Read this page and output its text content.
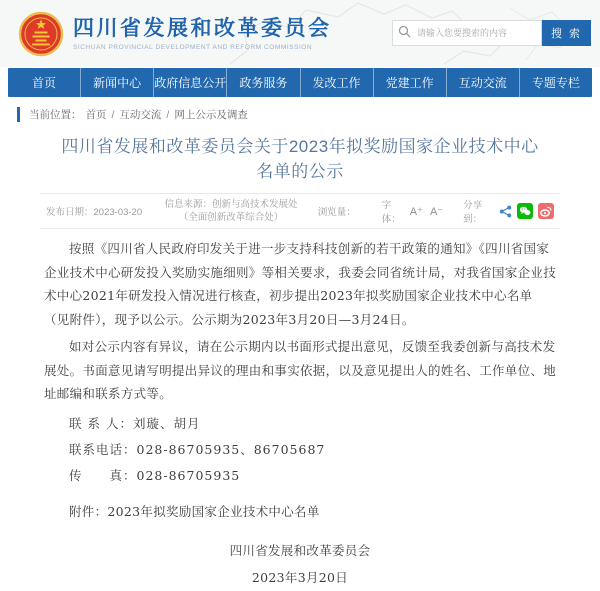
四川省发展和改革委员会
SICHUAN PROVINCIAL DEVELOPMENT AND REFORM COMMISSION
请输入您要搜索的内容
搜 索
首页	新闻中心	政府信息公开	政务服务	发改工作	党建工作	互动交流	专题专栏
当前位置： 首页 / 互动交流 / 网上公示及调查
四川省发展和改革委员会关于2023年拟奖励国家企业技术中心名单的公示
发布日期：2023-03-20
信息来源：创新与高技术发展处（全面创新改革综合处）	浏览量：
字体：
A⁺ A⁻ 分享到：

按照《四川省人民政府印发关于进一步支持科技创新的若干政策的通知》《四川省国家企业技术中心研发投入奖励实施细则》等相关要求，我委会同省统计局，对我省国家企业技术中心2021年研发投入情况进行核查，初步提出2023年拟奖励国家企业技术中心名单（见附件），现予以公示。公示期为2023年3月20日—3月24日。

如对公示内容有异议，请在公示期内以书面形式提出意见，反馈至我委创新与高技术发展处。书面意见请写明提出异议的理由和事实依据，以及意见提出人的姓名、工作单位、地址邮编和联系方式等。

联 系 人：刘璇、胡月
联系电话：028-86705935、86705687
传　　真：028-86705935
附件：2023年拟奖励国家企业技术中心名单
四川省发展和改革委员会
2023年3月20日
